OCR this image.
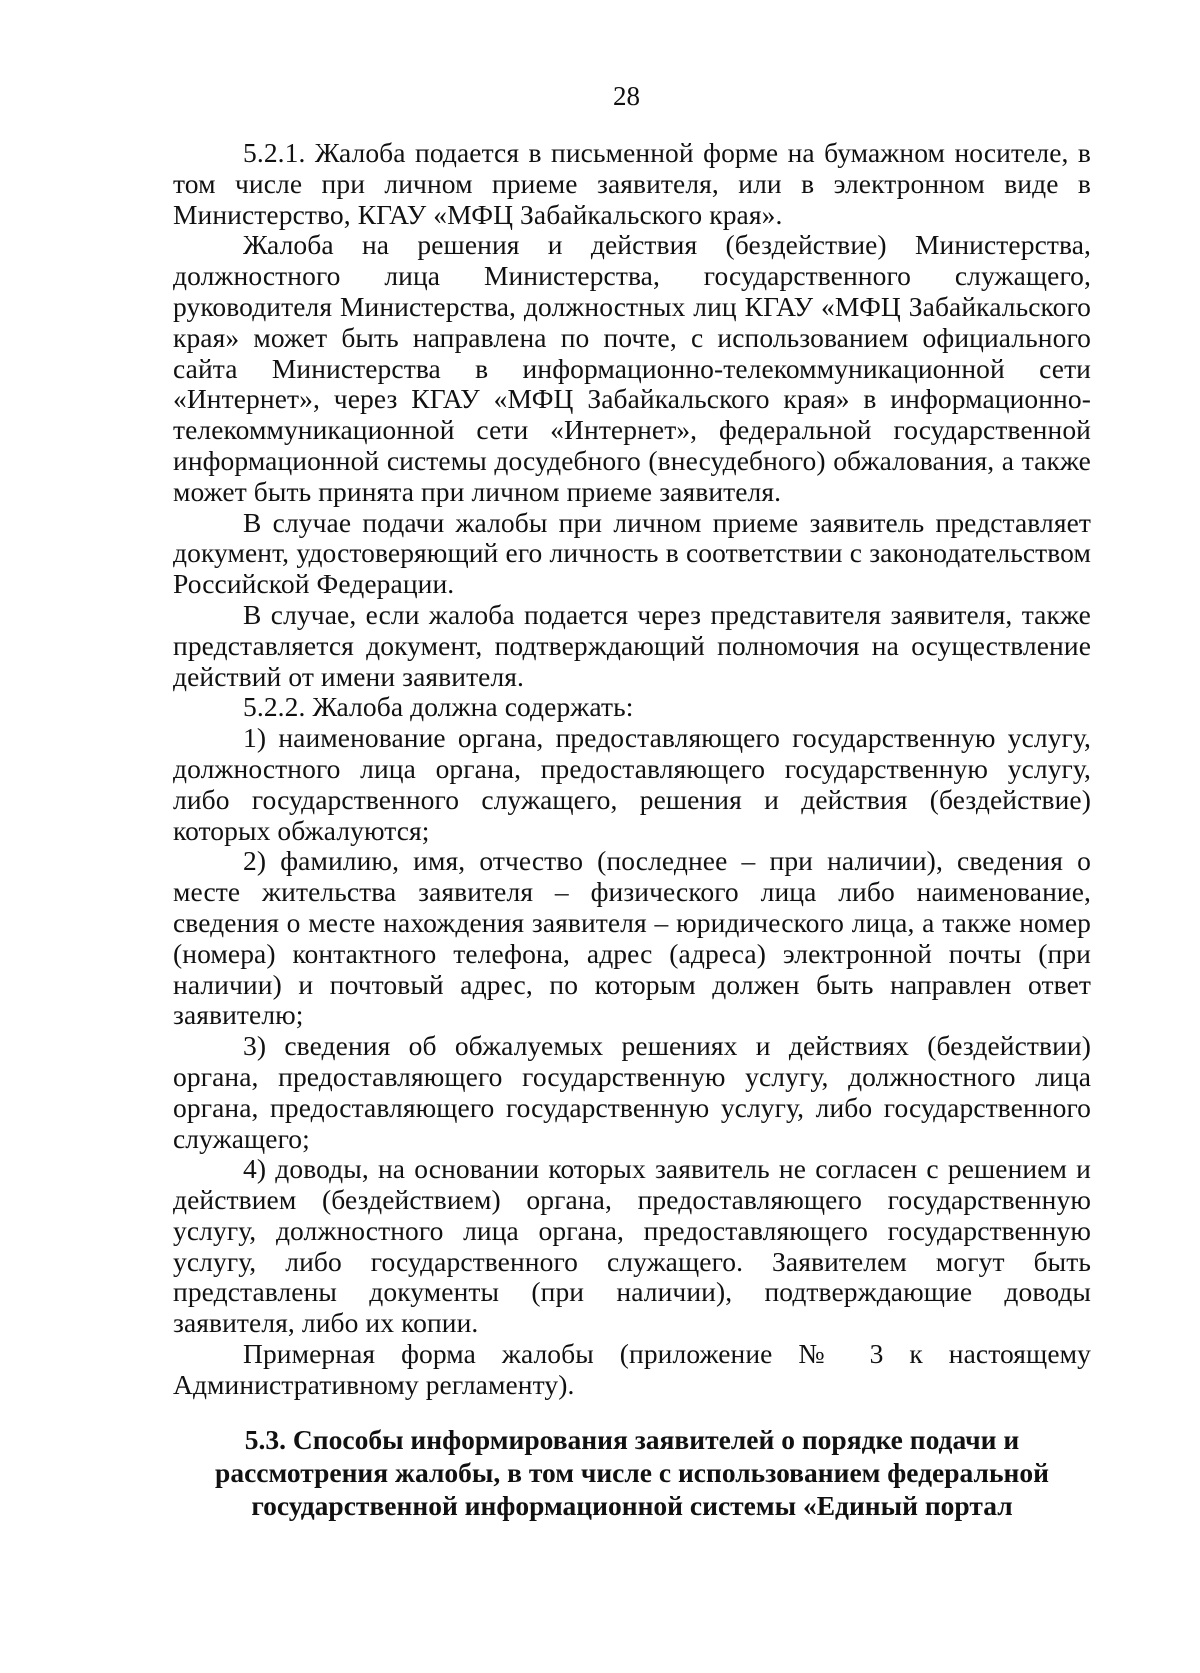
28

5.2.1. Жалоба подается в письменной форме на бумажном носителе, в том числе при личном приеме заявителя, или в электронном виде в Министерство, КГАУ «МФЦ Забайкальского края».

Жалоба на решения и действия (бездействие) Министерства, должностного лица Министерства, государственного служащего, руководителя Министерства, должностных лиц КГАУ «МФЦ Забайкальского края» может быть направлена по почте, с использованием официального сайта Министерства в информационно-телекоммуникационной сети «Интернет», через КГАУ «МФЦ Забайкальского края» в информационно-телекоммуникационной сети «Интернет», федеральной государственной информационной системы досудебного (внесудебного) обжалования, а также может быть принята при личном приеме заявителя.

В случае подачи жалобы при личном приеме заявитель представляет документ, удостоверяющий его личность в соответствии с законодательством Российской Федерации.

В случае, если жалоба подается через представителя заявителя, также представляется документ, подтверждающий полномочия на осуществление действий от имени заявителя.

5.2.2. Жалоба должна содержать:

1) наименование органа, предоставляющего государственную услугу, должностного лица органа, предоставляющего государственную услугу, либо государственного служащего, решения и действия (бездействие) которых обжалуются;

2) фамилию, имя, отчество (последнее – при наличии), сведения о месте жительства заявителя – физического лица либо наименование, сведения о месте нахождения заявителя – юридического лица, а также номер (номера) контактного телефона, адрес (адреса) электронной почты (при наличии) и почтовый адрес, по которым должен быть направлен ответ заявителю;

3) сведения об обжалуемых решениях и действиях (бездействии) органа, предоставляющего государственную услугу, должностного лица органа, предоставляющего государственную услугу, либо государственного служащего;

4) доводы, на основании которых заявитель не согласен с решением и действием (бездействием) органа, предоставляющего государственную услугу, должностного лица органа, предоставляющего государственную услугу, либо государственного служащего. Заявителем могут быть представлены документы (при наличии), подтверждающие доводы заявителя, либо их копии.

Примерная форма жалобы (приложение № 3 к настоящему Административному регламенту).

5.3. Способы информирования заявителей о порядке подачи и рассмотрения жалобы, в том числе с использованием федеральной государственной информационной системы «Единый портал
